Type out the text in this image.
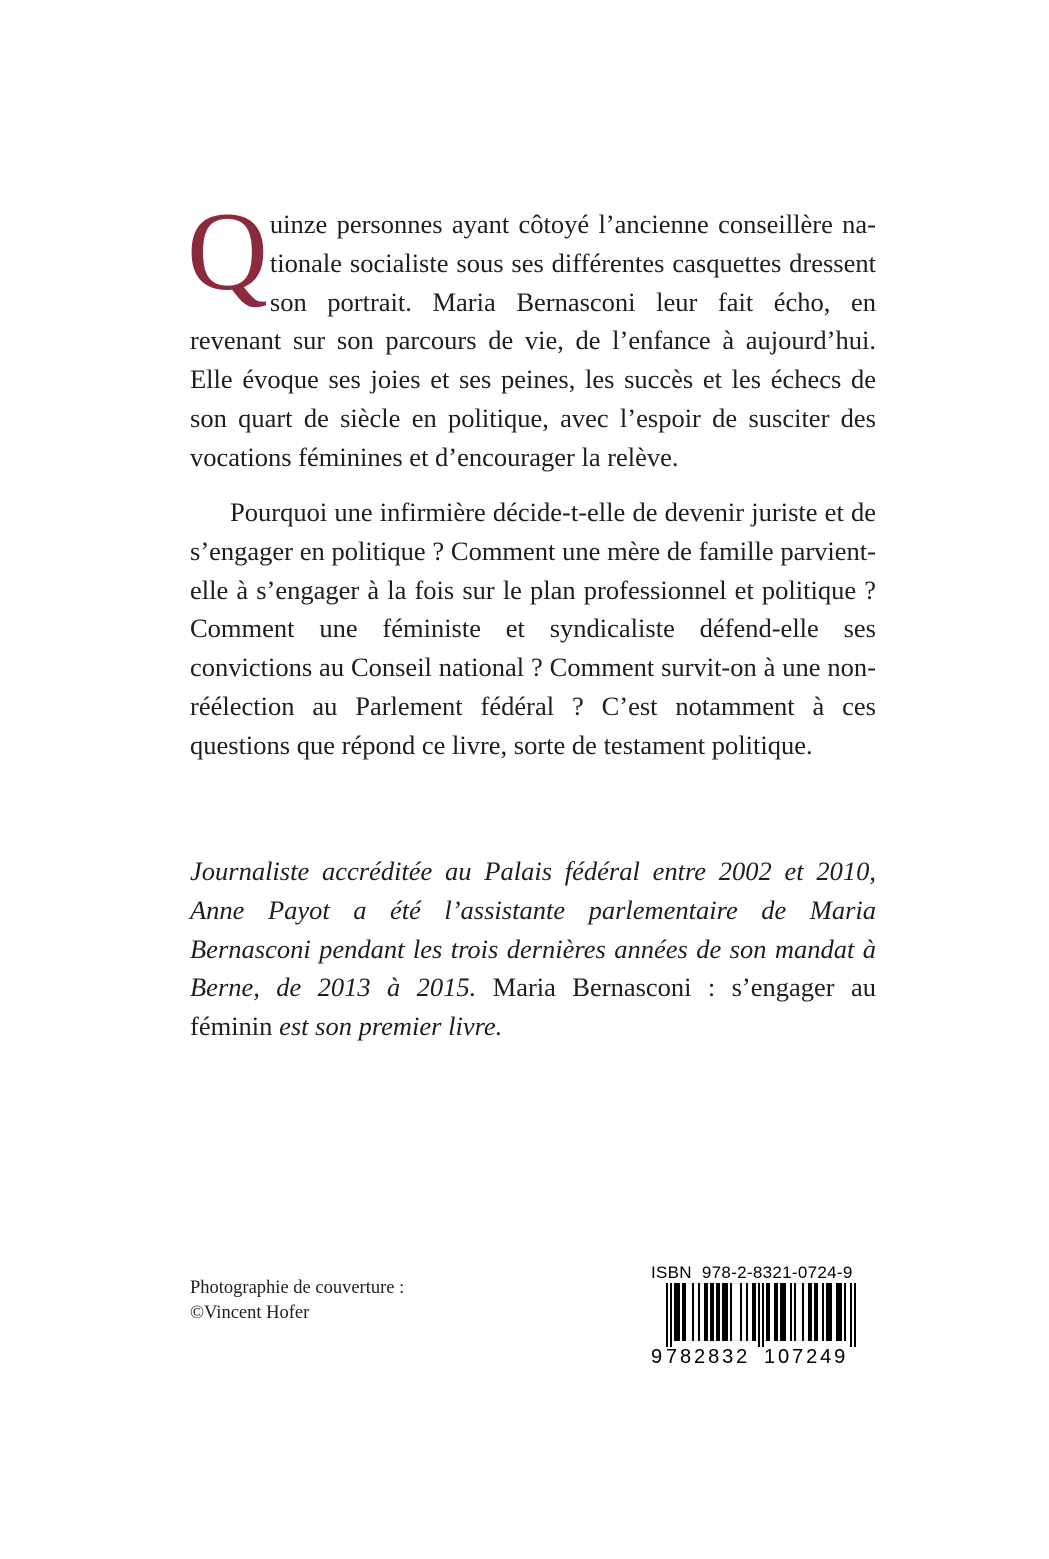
Quinze personnes ayant côtoyé l’ancienne conseillère nationale socialiste sous ses différentes casquettes dressent son portrait. Maria Bernasconi leur fait écho, en revenant sur son parcours de vie, de l’enfance à aujourd’hui. Elle évoque ses joies et ses peines, les succès et les échecs de son quart de siècle en politique, avec l’espoir de susciter des vocations féminines et d’encourager la relève.

Pourquoi une infirmière décide-t-elle de devenir juriste et de s’engager en politique ? Comment une mère de famille parvient-elle à s’engager à la fois sur le plan professionnel et politique ? Comment une féministe et syndicaliste défend-elle ses convictions au Conseil national ? Comment survit-on à une non-réélection au Parlement fédéral ? C’est notamment à ces questions que répond ce livre, sorte de testament politique.

Journaliste accréditée au Palais fédéral entre 2002 et 2010, Anne Payot a été l’assistante parlementaire de Maria Bernasconi pendant les trois dernières années de son mandat à Berne, de 2013 à 2015. Maria Bernasconi : s’engager au féminin est son premier livre.

Photographie de couverture :
©Vincent Hofer
ISBN  978-2-8321-0724-9
9 782832 107249
